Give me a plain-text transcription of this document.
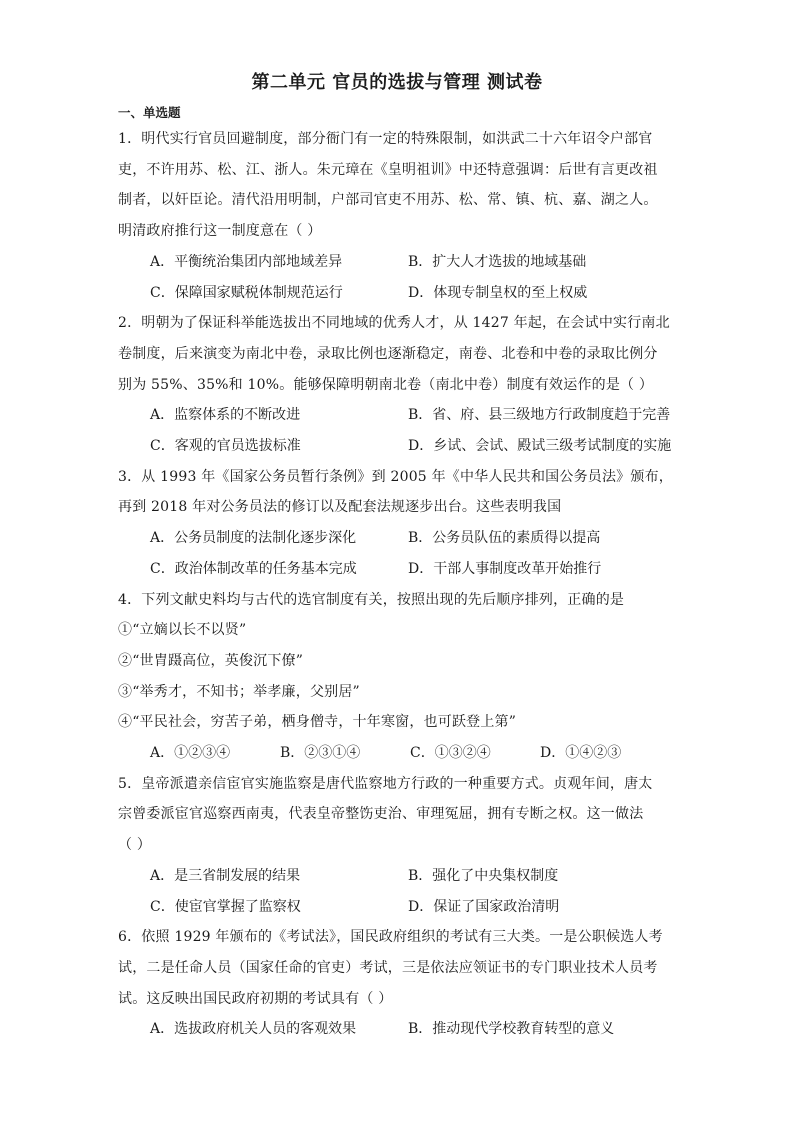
第二单元 官员的选拔与管理 测试卷
一、单选题
1．明代实行官员回避制度，部分衙门有一定的特殊限制，如洪武二十六年诏令户部官
吏，不许用苏、松、江、浙人。朱元璋在《皇明祖训》中还特意强调：后世有言更改祖
制者，以奸臣论。清代沿用明制，户部司官吏不用苏、松、常、镇、杭、嘉、湖之人。
明清政府推行这一制度意在（ ）
A．平衡统治集团内部地域差异	B．扩大人才选拔的地域基础
C．保障国家赋税体制规范运行	D．体现专制皇权的至上权威
2．明朝为了保证科举能选拔出不同地域的优秀人才，从 1427 年起，在会试中实行南北
卷制度，后来演变为南北中卷，录取比例也逐渐稳定，南卷、北卷和中卷的录取比例分
别为 55%、35%和 10%。能够保障明朝南北卷（南北中卷）制度有效运作的是（ ）
A．监察体系的不断改进	B．省、府、县三级地方行政制度趋于完善
C．客观的官员选拔标准	D．乡试、会试、殿试三级考试制度的实施
3．从 1993 年《国家公务员暂行条例》到 2005 年《中华人民共和国公务员法》颁布，
再到 2018 年对公务员法的修订以及配套法规逐步出台。这些表明我国
A．公务员制度的法制化逐步深化	B．公务员队伍的素质得以提高
C．政治体制改革的任务基本完成	D．干部人事制度改革开始推行
4．下列文献史料均与古代的选官制度有关，按照出现的先后顺序排列，正确的是
①“立嫡以长不以贤”
②“世胄蹑高位，英俊沉下僚”
③“举秀才，不知书；举孝廉，父别居”
④“平民社会，穷苦子弟，栖身僧寺，十年寒窗，也可跃登上第”
A．①②③④	B．②③①④	C．①③②④	D．①④②③
5．皇帝派遣亲信宦官实施监察是唐代监察地方行政的一种重要方式。贞观年间，唐太
宗曾委派宦官巡察西南夷，代表皇帝整饬吏治、审理冤屈，拥有专断之权。这一做法
（ ）
A．是三省制发展的结果	B．强化了中央集权制度
C．使宦官掌握了监察权	D．保证了国家政治清明
6．依照 1929 年颁布的《考试法》，国民政府组织的考试有三大类。一是公职候选人考
试，二是任命人员（国家任命的官吏）考试，三是依法应领证书的专门职业技术人员考
试。这反映出国民政府初期的考试具有（ ）
A．选拔政府机关人员的客观效果	B．推动现代学校教育转型的意义
